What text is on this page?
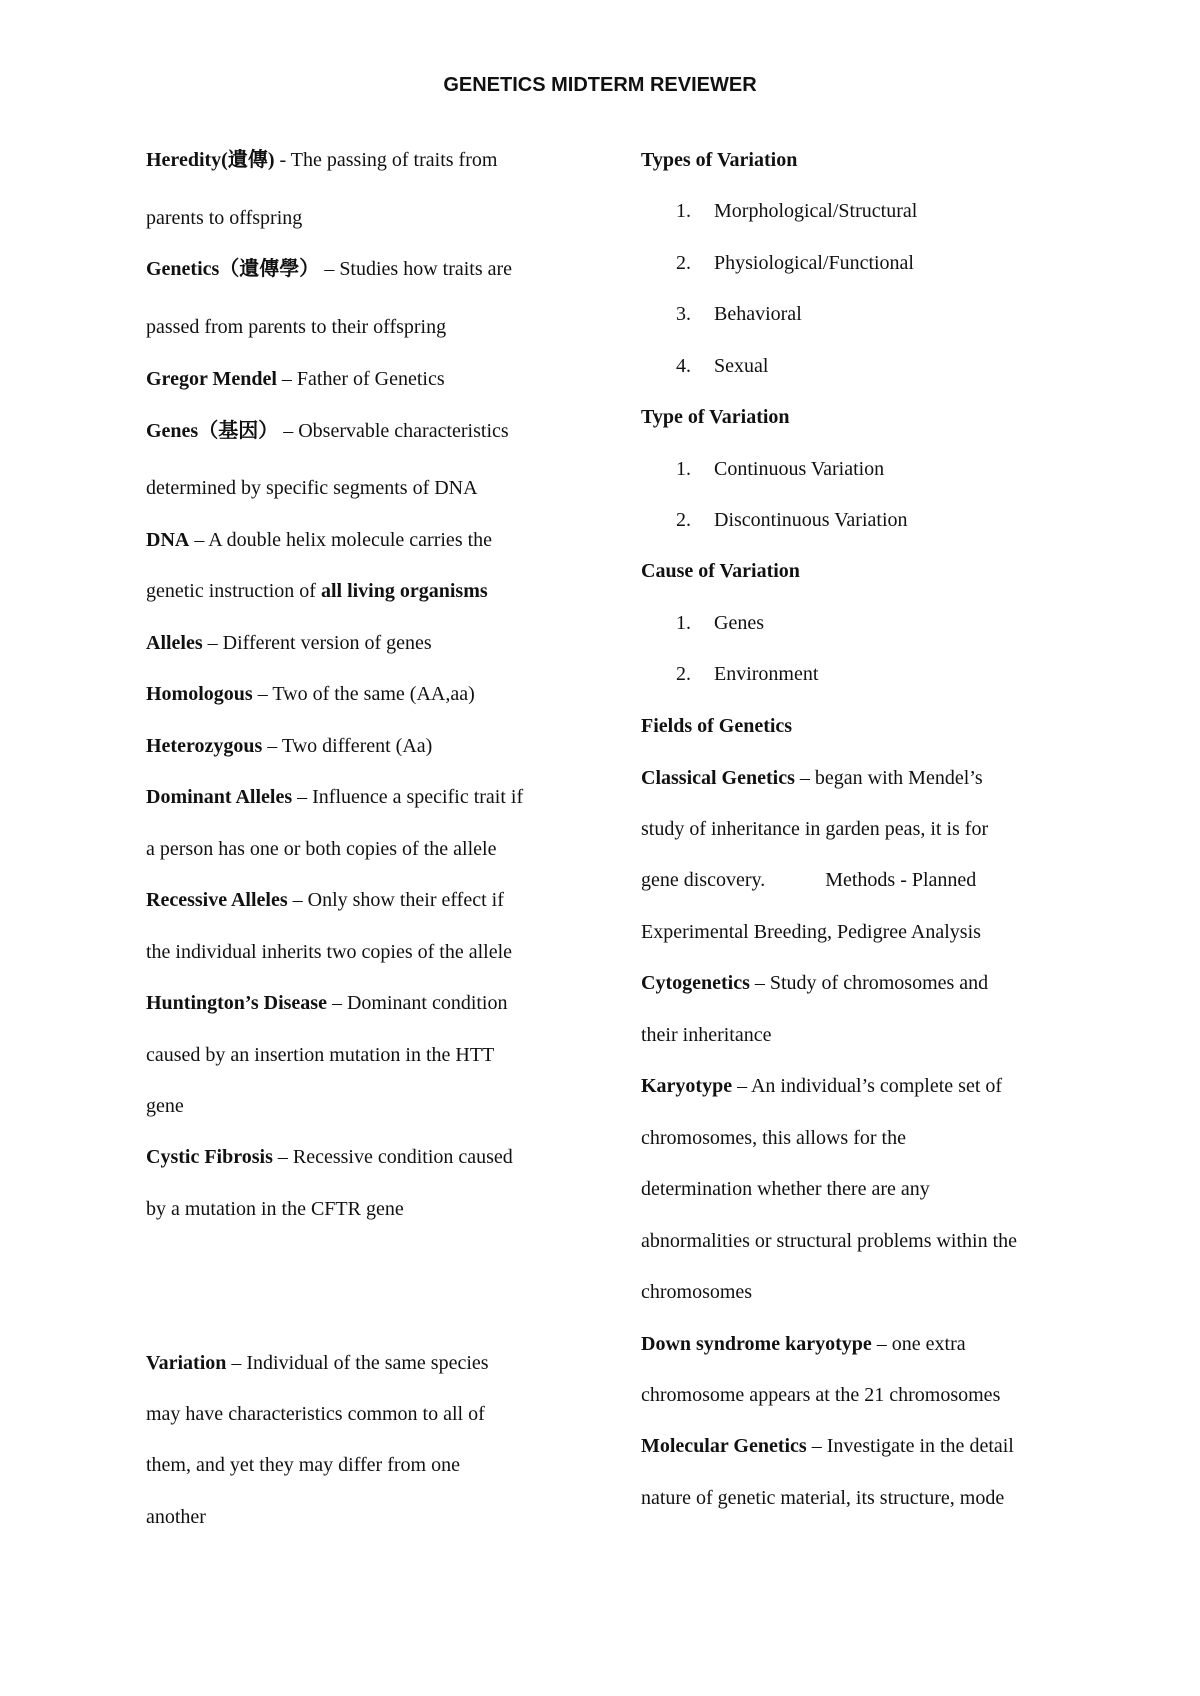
GENETICS MIDTERM REVIEWER
Heredity(遺傳) - The passing of traits from
parents to offspring
Genetics（遺傳學） – Studies how traits are
passed from parents to their offspring
Gregor Mendel – Father of Genetics
Genes（基因） – Observable characteristics
determined by specific segments of DNA
DNA – A double helix molecule carries the
genetic instruction of all living organisms
Alleles – Different version of genes
Homologous – Two of the same (AA,aa)
Heterozygous – Two different (Aa)
Dominant Alleles – Influence a specific trait if
a person has one or both copies of the allele
Recessive Alleles – Only show their effect if
the individual inherits two copies of the allele
Huntington’s Disease – Dominant condition
caused by an insertion mutation in the HTT
gene
Cystic Fibrosis – Recessive condition caused
by a mutation in the CFTR gene
Variation – Individual of the same species
may have characteristics common to all of
them, and yet they may differ from one
another
Types of Variation
1. Morphological/Structural
2. Physiological/Functional
3. Behavioral
4. Sexual
Type of Variation
1. Continuous Variation
2. Discontinuous Variation
Cause of Variation
1. Genes
2. Environment
Fields of Genetics
Classical Genetics – began with Mendel’s
study of inheritance in garden peas, it is for
gene discovery.            Methods - Planned
Experimental Breeding, Pedigree Analysis
Cytogenetics – Study of chromosomes and
their inheritance
Karyotype – An individual’s complete set of
chromosomes, this allows for the
determination whether there are any
abnormalities or structural problems within the
chromosomes
Down syndrome karyotype – one extra
chromosome appears at the 21 chromosomes
Molecular Genetics – Investigate in the detail
nature of genetic material, its structure, mode
